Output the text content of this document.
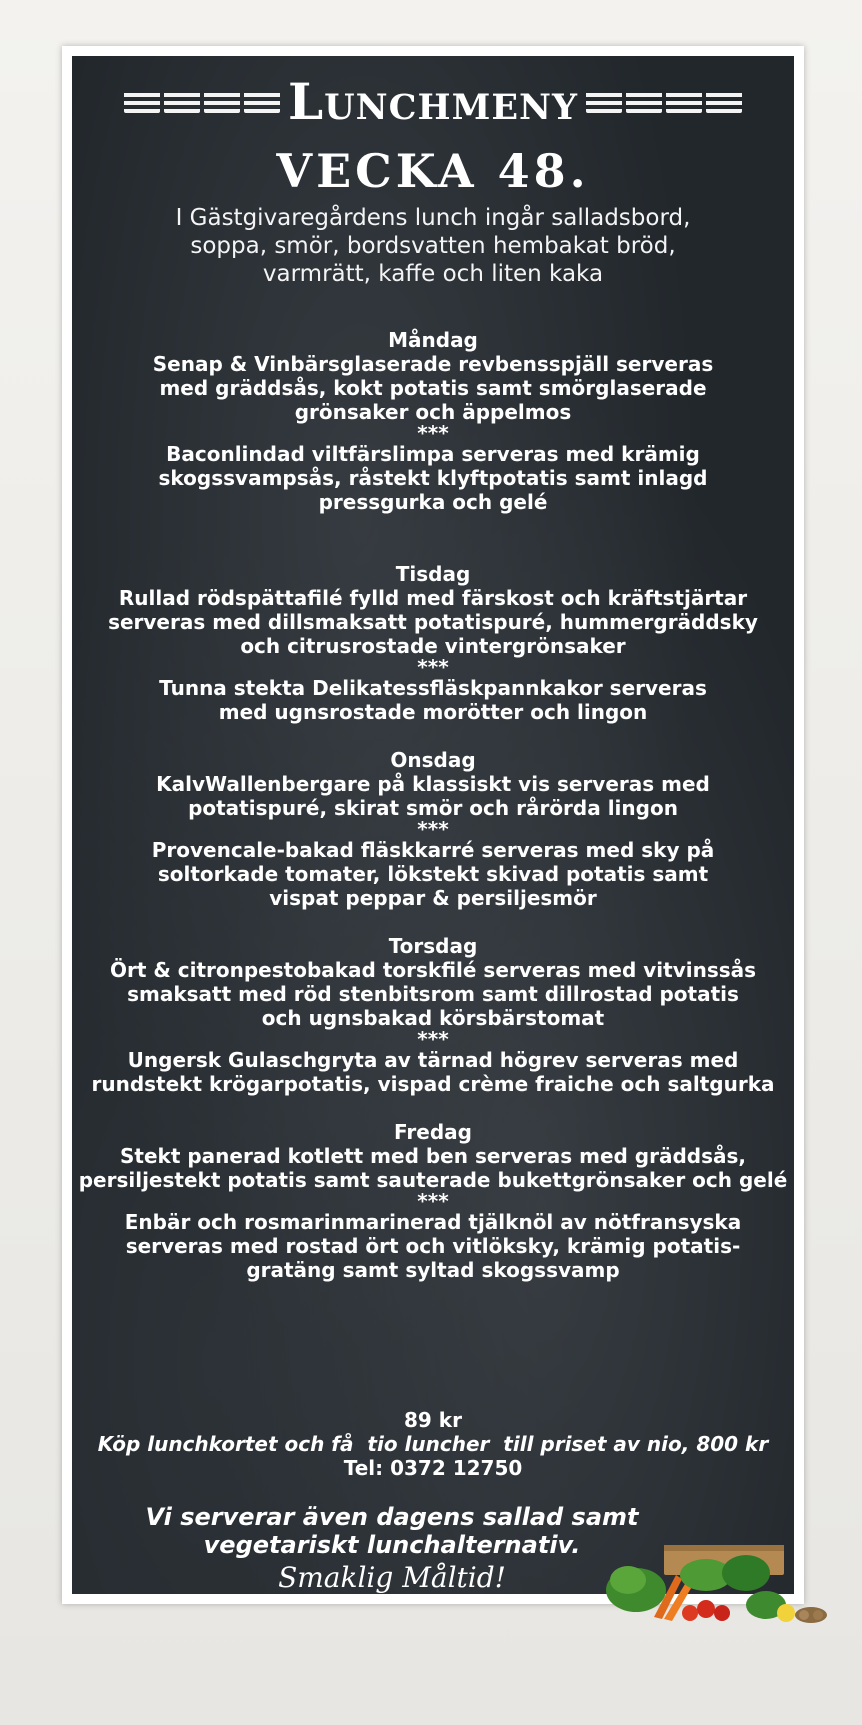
Lunchmeny
VECKA 48.
I Gästgivaregårdens lunch ingår salladsbord,
soppa, smör, bordsvatten hembakat bröd,
varmrätt, kaffe och liten kaka

Måndag

Senap & Vinbärsglaserade revbensspjäll serveras

med gräddsås, kokt potatis samt smörglaserade

grönsaker och äppelmos

***

Baconlindad viltfärslimpa serveras med krämig

skogssvampsås, råstekt klyftpotatis samt inlagd

pressgurka och gelé

Tisdag

Rullad rödspättafilé fylld med färskost och kräftstjärtar

serveras med dillsmaksatt potatispuré, hummergräddsky

och citrusrostade vintergrönsaker

***

Tunna stekta Delikatessfläskpannkakor serveras

med ugnsrostade morötter och lingon

Onsdag

KalvWallenbergare på klassiskt vis serveras med

potatispuré, skirat smör och rårörda lingon

***

Provencale-bakad fläskkarré serveras med sky på

soltorkade tomater, lökstekt skivad potatis samt

vispat peppar & persiljesmör

Torsdag

Ört & citronpestobakad torskfilé serveras med vitvinssås

smaksatt med röd stenbitsrom samt dillrostad potatis

och ugnsbakad körsbärstomat

***

Ungersk Gulaschgryta av tärnad högrev serveras med

rundstekt krögarpotatis, vispad crème fraiche och saltgurka

Fredag

Stekt panerad kotlett med ben serveras med gräddsås,

persiljestekt potatis samt sauterade bukettgrönsaker och gelé

***

Enbär och rosmarinmarinerad tjälknöl av nötfransyska

serveras med rostad ört och vitlöksky, krämig potatis-

gratäng samt syltad skogssvamp

89 kr
Köp lunchkortet och få  tio luncher  till priset av nio, 800 kr
Tel: 0372 12750
Vi serverar även dagens sallad samt
vegetariskt lunchalternativ.
Smaklig Måltid!
